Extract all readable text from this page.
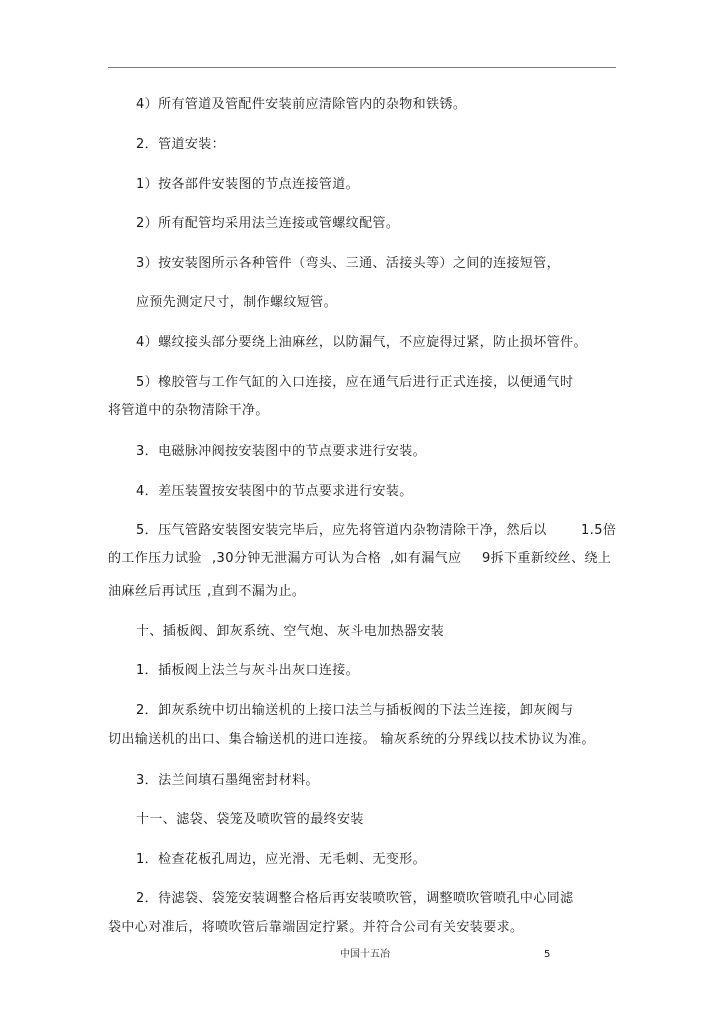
4）所有管道及管配件安装前应清除管内的杂物和铁锈。
2．管道安装：
1）按各部件安装图的节点连接管道。
2）所有配管均采用法兰连接或管螺纹配管。
3）按安装图所示各种管件（弯头、三通、活接头等）之间的连接短管，
应预先测定尺寸，制作螺纹短管。
4）螺纹接头部分要绕上油麻丝，以防漏气，不应旋得过紧，防止损坏管件。
5）橡胶管与工作气缸的入口连接，应在通气后进行正式连接，以便通气时
将管道中的杂物清除干净。
3．电磁脉冲阀按安装图中的节点要求进行安装。
4．差压装置按安装图中的节点要求进行安装。
5．压气管路安装图安装完毕后，应先将管道内杂物清除干净，然后以	1.5倍
的工作压力试验 ,30分钟无泄漏方可认为合格 ,如有漏气应 9拆下重新绞丝、绕上
油麻丝后再试压 ,直到不漏为止。
十、插板阀、卸灰系统、空气炮、灰斗电加热器安装
1．插板阀上法兰与灰斗出灰口连接。
2．卸灰系统中切出输送机的上接口法兰与插板阀的下法兰连接，卸灰阀与
切出输送机的出口、集合输送机的进口连接。 输灰系统的分界线以技术协议为准。
3．法兰间填石墨绳密封材料。
十一、滤袋、袋笼及喷吹管的最终安装
1．检查花板孔周边，应光滑、无毛刺、无变形。
2．待滤袋、袋笼安装调整合格后再安装喷吹管，调整喷吹管喷孔中心同滤
袋中心对准后，将喷吹管后靠端固定拧紧。并符合公司有关安装要求。
中国十五冶	5
